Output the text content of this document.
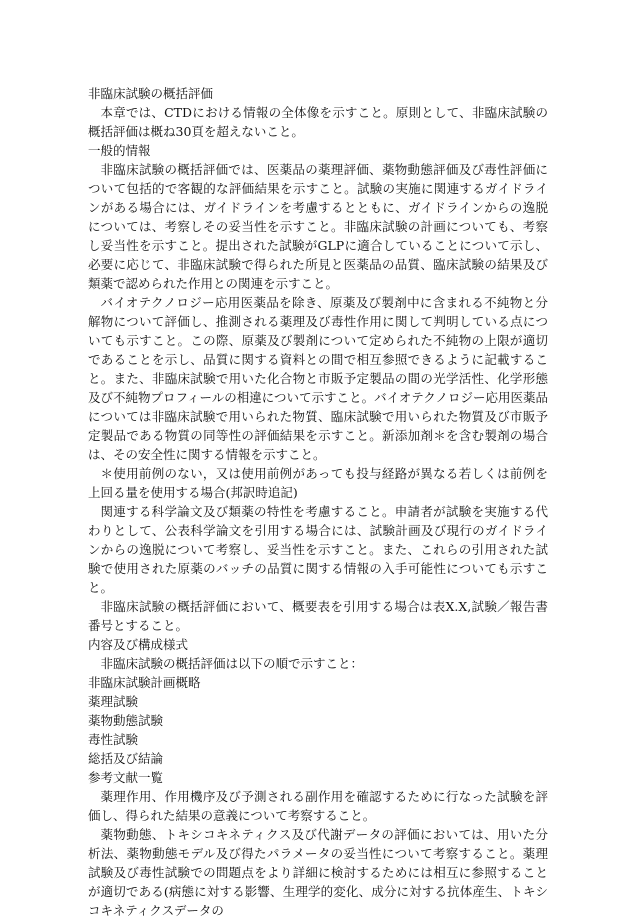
非臨床試験の概括評価

本章では、CTDにおける情報の全体像を示すこと。原則として、非臨床試験の概括評価は概ね30頁を超えないこと。

一般的情報

非臨床試験の概括評価では、医薬品の薬理評価、薬物動態評価及び毒性評価について包括的で客観的な評価結果を示すこと。試験の実施に関連するガイドラインがある場合には、ガイドラインを考慮するとともに、ガイドラインからの逸脱については、考察しその妥当性を示すこと。非臨床試験の計画についても、考察し妥当性を示すこと。提出された試験がGLPに適合していることについて示し、必要に応じて、非臨床試験で得られた所見と医薬品の品質、臨床試験の結果及び類薬で認められた作用との関連を示すこと。

バイオテクノロジー応用医薬品を除き、原薬及び製剤中に含まれる不純物と分解物について評価し、推測される薬理及び毒性作用に関して判明している点についても示すこと。この際、原薬及び製剤について定められた不純物の上限が適切であることを示し、品質に関する資料との間で相互参照できるように記載すること。また、非臨床試験で用いた化合物と市販予定製品の間の光学活性、化学形態及び不純物プロフィールの相違について示すこと。バイオテクノロジー応用医薬品については非臨床試験で用いられた物質、臨床試験で用いられた物質及び市販予定製品である物質の同等性の評価結果を示すこと。新添加剤＊を含む製剤の場合は、その安全性に関する情報を示すこと。

＊使用前例のない，又は使用前例があっても投与経路が異なる若しくは前例を上回る量を使用する場合(邦訳時追記)

関連する科学論文及び類薬の特性を考慮すること。申請者が試験を実施する代わりとして、公表科学論文を引用する場合には、試験計画及び現行のガイドラインからの逸脱について考察し、妥当性を示すこと。また、これらの引用された試験で使用された原薬のバッチの品質に関する情報の入手可能性についても示すこと。

非臨床試験の概括評価において、概要表を引用する場合は表X.X,試験／報告書番号とすること。

内容及び構成様式

非臨床試験の概括評価は以下の順で示すこと：

非臨床試験計画概略
薬理試験
薬物動態試験
毒性試験
総括及び結論
参考文献一覧

薬理作用、作用機序及び予測される副作用を確認するために行なった試験を評価し、得られた結果の意義について考察すること。

薬物動態、トキシコキネティクス及び代謝データの評価においては、用いた分析法、薬物動態モデル及び得たパラメータの妥当性について考察すること。薬理試験及び毒性試験での問題点をより詳細に検討するためには相互に参照することが適切である(病態に対する影響、生理学的変化、成分に対する抗体産生、トキシコキネティクスデータの
